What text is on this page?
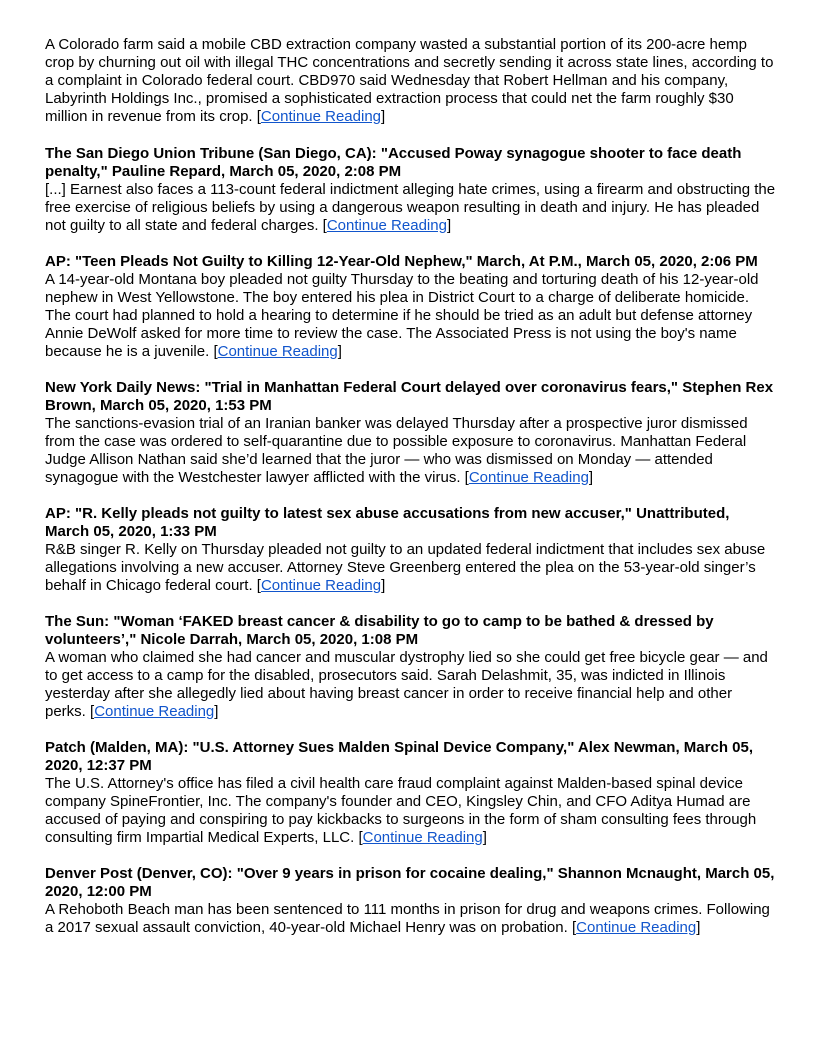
A Colorado farm said a mobile CBD extraction company wasted a substantial portion of its 200-acre hemp crop by churning out oil with illegal THC concentrations and secretly sending it across state lines, according to a complaint in Colorado federal court. CBD970 said Wednesday that Robert Hellman and his company, Labyrinth Holdings Inc., promised a sophisticated extraction process that could net the farm roughly $30 million in revenue from its crop. [Continue Reading]

The San Diego Union Tribune (San Diego, CA): "Accused Poway synagogue shooter to face death penalty," Pauline Repard, March 05, 2020, 2:08 PM

[...] Earnest also faces a 113-count federal indictment alleging hate crimes, using a firearm and obstructing the free exercise of religious beliefs by using a dangerous weapon resulting in death and injury. He has pleaded not guilty to all state and federal charges. [Continue Reading]

AP: "Teen Pleads Not Guilty to Killing 12-Year-Old Nephew," March, At P.M., March 05, 2020, 2:06 PM

A 14-year-old Montana boy pleaded not guilty Thursday to the beating and torturing death of his 12-year-old nephew in West Yellowstone. The boy entered his plea in District Court to a charge of deliberate homicide. The court had planned to hold a hearing to determine if he should be tried as an adult but defense attorney Annie DeWolf asked for more time to review the case. The Associated Press is not using the boy's name because he is a juvenile. [Continue Reading]

New York Daily News: "Trial in Manhattan Federal Court delayed over coronavirus fears," Stephen Rex Brown, March 05, 2020, 1:53 PM

The sanctions-evasion trial of an Iranian banker was delayed Thursday after a prospective juror dismissed from the case was ordered to self-quarantine due to possible exposure to coronavirus. Manhattan Federal Judge Allison Nathan said she’d learned that the juror — who was dismissed on Monday — attended synagogue with the Westchester lawyer afflicted with the virus. [Continue Reading]

AP: "R. Kelly pleads not guilty to latest sex abuse accusations from new accuser," Unattributed, March 05, 2020, 1:33 PM

R&B singer R. Kelly on Thursday pleaded not guilty to an updated federal indictment that includes sex abuse allegations involving a new accuser. Attorney Steve Greenberg entered the plea on the 53-year-old singer’s behalf in Chicago federal court. [Continue Reading]

The Sun: "Woman ‘FAKED breast cancer & disability to go to camp to be bathed & dressed by volunteers’," Nicole Darrah, March 05, 2020, 1:08 PM

A woman who claimed she had cancer and muscular dystrophy lied so she could get free bicycle gear — and to get access to a camp for the disabled, prosecutors said. Sarah Delashmit, 35, was indicted in Illinois yesterday after she allegedly lied about having breast cancer in order to receive financial help and other perks. [Continue Reading]

Patch (Malden, MA): "U.S. Attorney Sues Malden Spinal Device Company," Alex Newman, March 05, 2020, 12:37 PM

The U.S. Attorney's office has filed a civil health care fraud complaint against Malden-based spinal device company SpineFrontier, Inc. The company's founder and CEO, Kingsley Chin, and CFO Aditya Humad are accused of paying and conspiring to pay kickbacks to surgeons in the form of sham consulting fees through consulting firm Impartial Medical Experts, LLC. [Continue Reading]

Denver Post (Denver, CO): "Over 9 years in prison for cocaine dealing," Shannon Mcnaught, March 05, 2020, 12:00 PM

A Rehoboth Beach man has been sentenced to 111 months in prison for drug and weapons crimes. Following a 2017 sexual assault conviction, 40-year-old Michael Henry was on probation. [Continue Reading]
